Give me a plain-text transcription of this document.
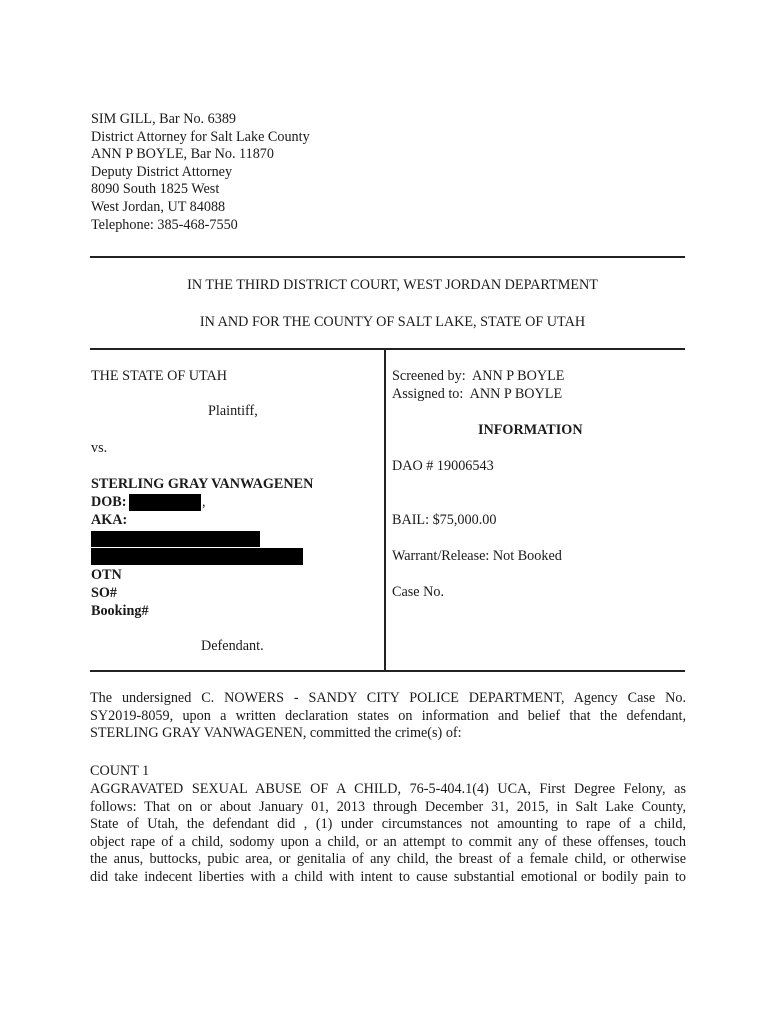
SIM GILL, Bar No. 6389
District Attorney for Salt Lake County
ANN P BOYLE, Bar No. 11870
Deputy District Attorney
8090 South 1825 West
West Jordan, UT 84088
Telephone: 385-468-7550
IN THE THIRD DISTRICT COURT, WEST JORDAN DEPARTMENT
IN AND FOR THE COUNTY OF SALT LAKE, STATE OF UTAH
THE STATE OF UTAH
Plaintiff,
vs.
STERLING GRAY VANWAGENEN
DOB:	,
AKA:
OTN
SO#
Booking#
Defendant.
Screened by:  ANN P BOYLE
Assigned to:  ANN P BOYLE
INFORMATION
DAO # 19006543
BAIL: $75,000.00
Warrant/Release: Not Booked
Case No.
The undersigned C. NOWERS - SANDY CITY POLICE DEPARTMENT, Agency Case No.
SY2019-8059, upon a written declaration states on information and belief that the defendant,
STERLING GRAY VANWAGENEN, committed the crime(s) of:
COUNT 1
AGGRAVATED SEXUAL ABUSE OF A CHILD, 76-5-404.1(4) UCA, First Degree Felony, as
follows: That on or about January 01, 2013 through December 31, 2015, in Salt Lake County,
State of Utah, the defendant did , (1) under circumstances not amounting to rape of a child,
object rape of a child, sodomy upon a child, or an attempt to commit any of these offenses, touch
the anus, buttocks, pubic area, or genitalia of any child, the breast of a female child, or otherwise
did take indecent liberties with a child with intent to cause substantial emotional or bodily pain to
